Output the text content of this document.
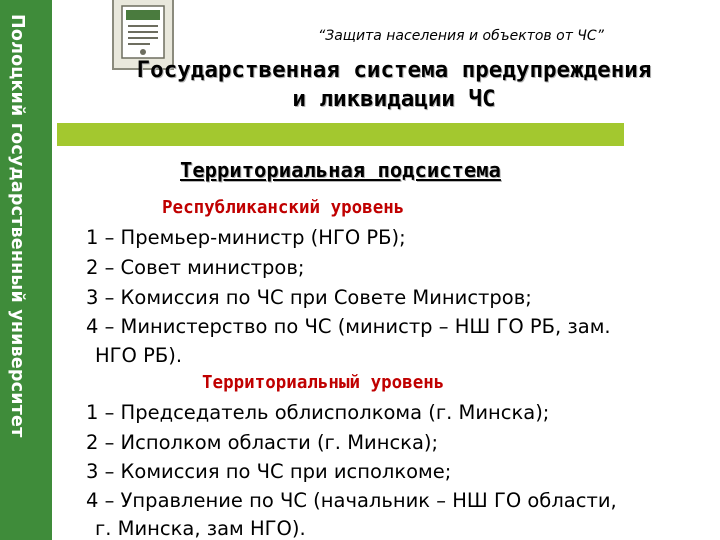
Полоцкий государственный университет	“Защита населения и объектов от ЧС”
Государственная система предупреждения
и ликвидации ЧС
Территориальная подсистема
Республиканский уровень
1 – Премьер-министр (НГО РБ);
2 – Совет министров;
3 – Комиссия по ЧС при Совете Министров;
4 – Министерство по ЧС (министр – НШ ГО РБ, зам.
НГО РБ).
Территориальный уровень
1 – Председатель облисполкома (г. Минска);
2 – Исполком области (г. Минска);
3 – Комиссия по ЧС при исполкоме;
4 – Управление по ЧС (начальник – НШ ГО области,
г. Минска, зам НГО).
